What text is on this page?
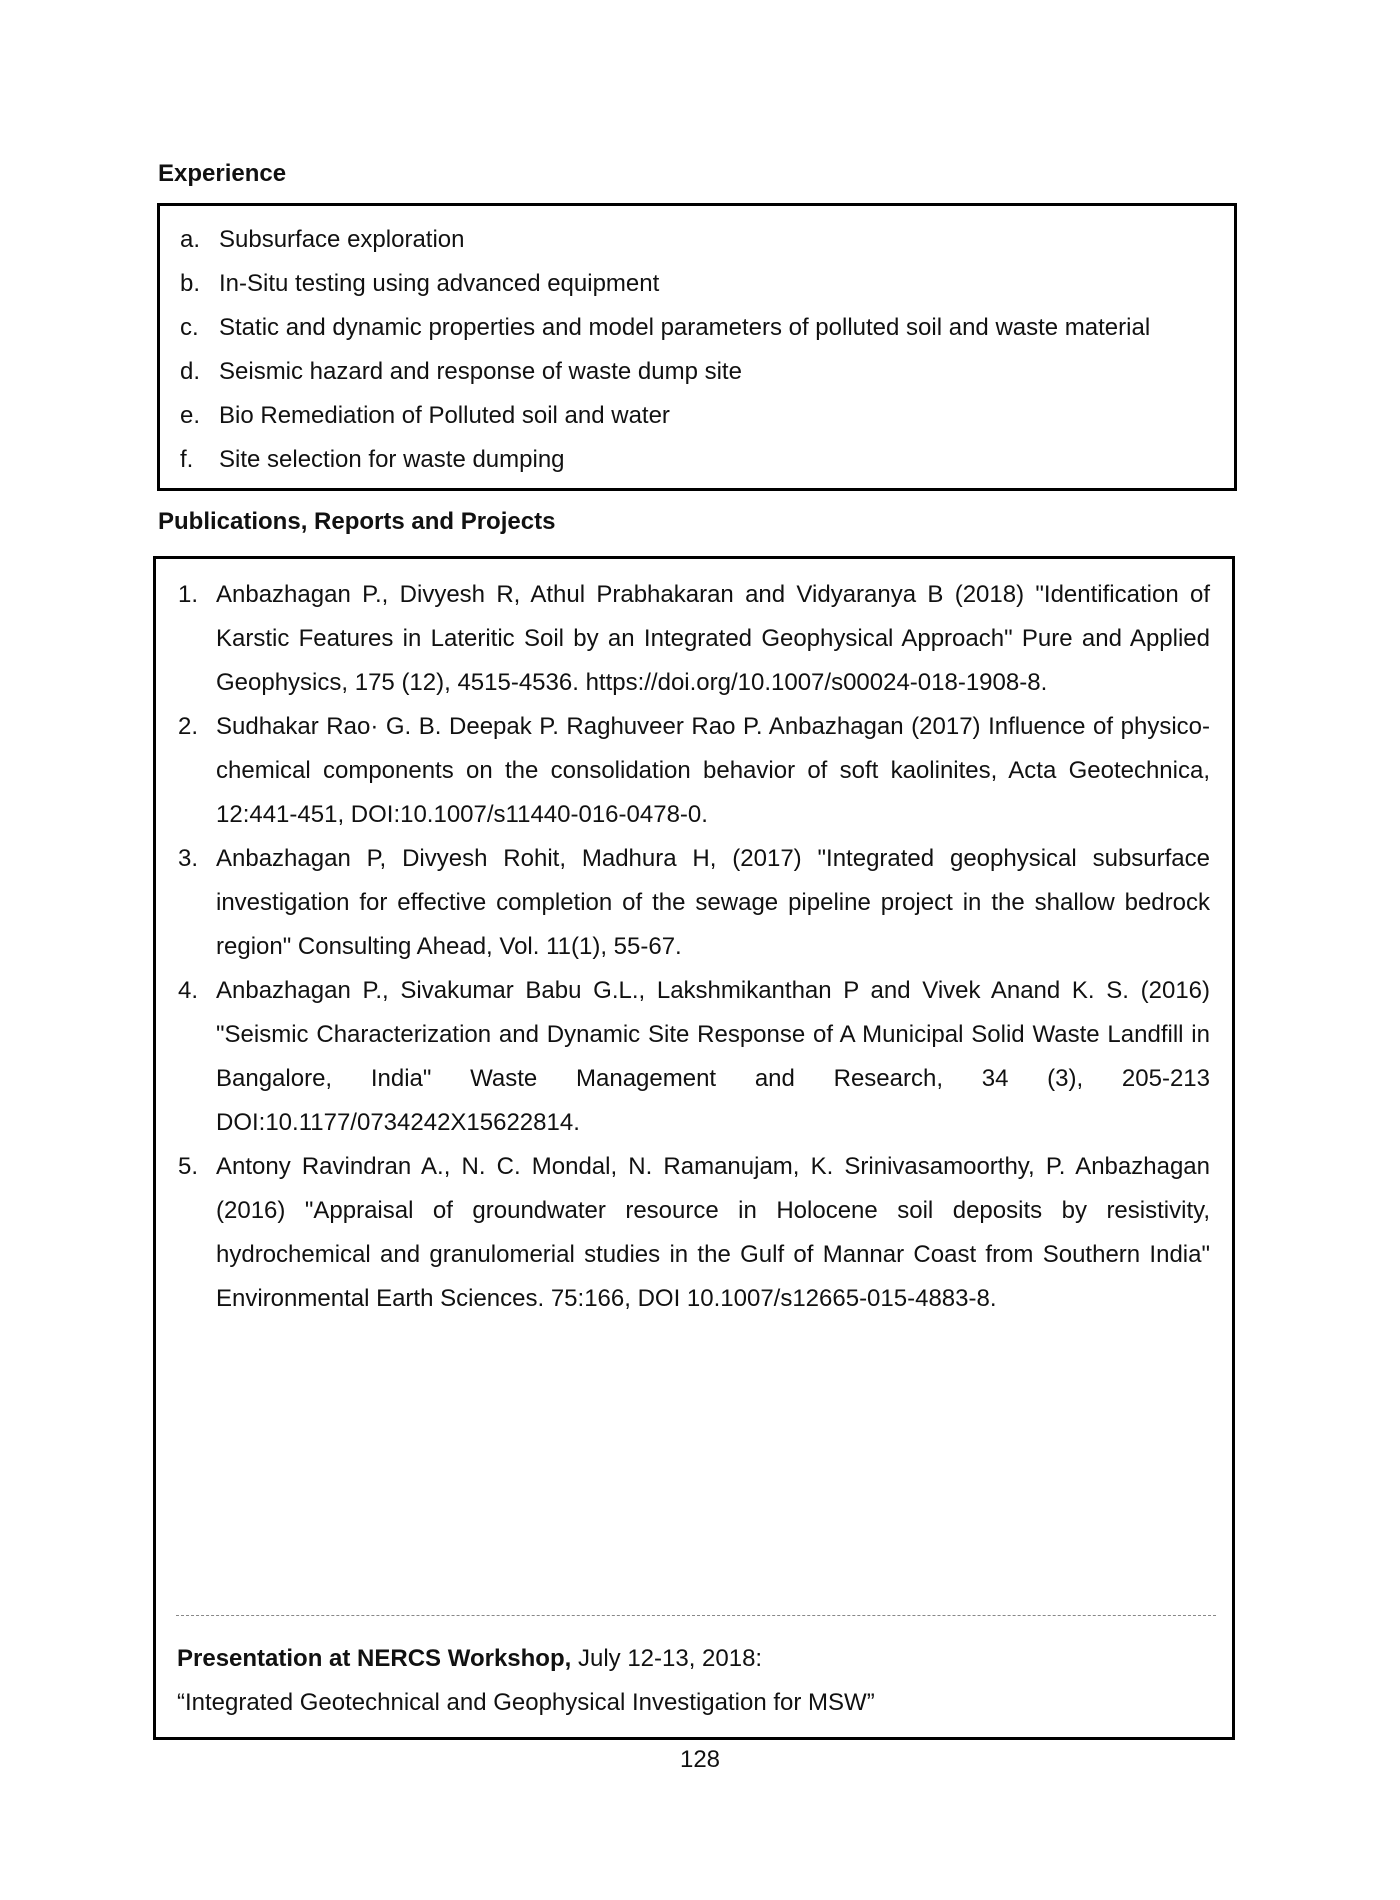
Experience
a. Subsurface exploration
b. In-Situ testing using advanced equipment
c. Static and dynamic properties and model parameters of polluted soil and waste material
d. Seismic hazard and response of waste dump site
e. Bio Remediation of Polluted soil and water
f.	Site selection for waste dumping
Publications, Reports and Projects
1. Anbazhagan P., Divyesh R, Athul Prabhakaran and Vidyaranya B (2018) "Identification of Karstic Features in Lateritic Soil by an Integrated Geophysical Approach" Pure and Applied Geophysics, 175 (12), 4515-4536. https://doi.org/10.1007/s00024-018-1908-8.
2. Sudhakar Rao· G. B. Deepak P. Raghuveer Rao P. Anbazhagan (2017) Influence of physico-chemical components on the consolidation behavior of soft kaolinites, Acta Geotechnica, 12:441-451, DOI:10.1007/s11440-016-0478-0.
3. Anbazhagan P, Divyesh Rohit, Madhura H, (2017) "Integrated geophysical subsurface investigation for effective completion of the sewage pipeline project in the shallow bedrock region" Consulting Ahead, Vol. 11(1), 55-67.
4. Anbazhagan P., Sivakumar Babu G.L., Lakshmikanthan P and Vivek Anand K. S. (2016) "Seismic Characterization and Dynamic Site Response of A Municipal Solid Waste Landfill in Bangalore, India" Waste Management and Research, 34 (3), 205-213 DOI:10.1177/0734242X15622814.
5. Antony Ravindran A., N. C. Mondal, N. Ramanujam, K. Srinivasamoorthy, P. Anbazhagan (2016) "Appraisal of groundwater resource in Holocene soil deposits by resistivity, hydrochemical and granulomerial studies in the Gulf of Mannar Coast from Southern India" Environmental Earth Sciences. 75:166, DOI 10.1007/s12665-015-4883-8.
Presentation at NERCS Workshop, July 12-13, 2018:
“Integrated Geotechnical and Geophysical Investigation for MSW”
128
